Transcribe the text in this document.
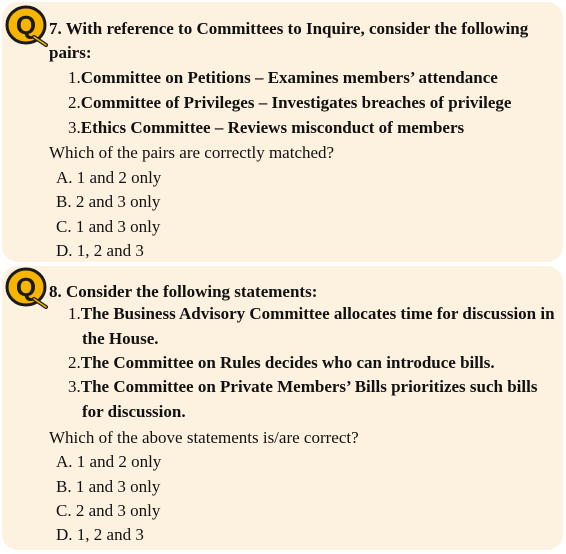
Q 7. With reference to Committees to Inquire, consider the following
pairs:
1.Committee on Petitions – Examines members’ attendance
2.Committee of Privileges – Investigates breaches of privilege
3.Ethics Committee – Reviews misconduct of members
Which of the pairs are correctly matched?
A. 1 and 2 only
B. 2 and 3 only
C. 1 and 3 only
D. 1, 2 and 3
Q 8. Consider the following statements:
1.The Business Advisory Committee allocates time for discussion in
the House.
2.The Committee on Rules decides who can introduce bills.
3.The Committee on Private Members’ Bills prioritizes such bills
for discussion.
Which of the above statements is/are correct?
A. 1 and 2 only
B. 1 and 3 only
C. 2 and 3 only
D. 1, 2 and 3
